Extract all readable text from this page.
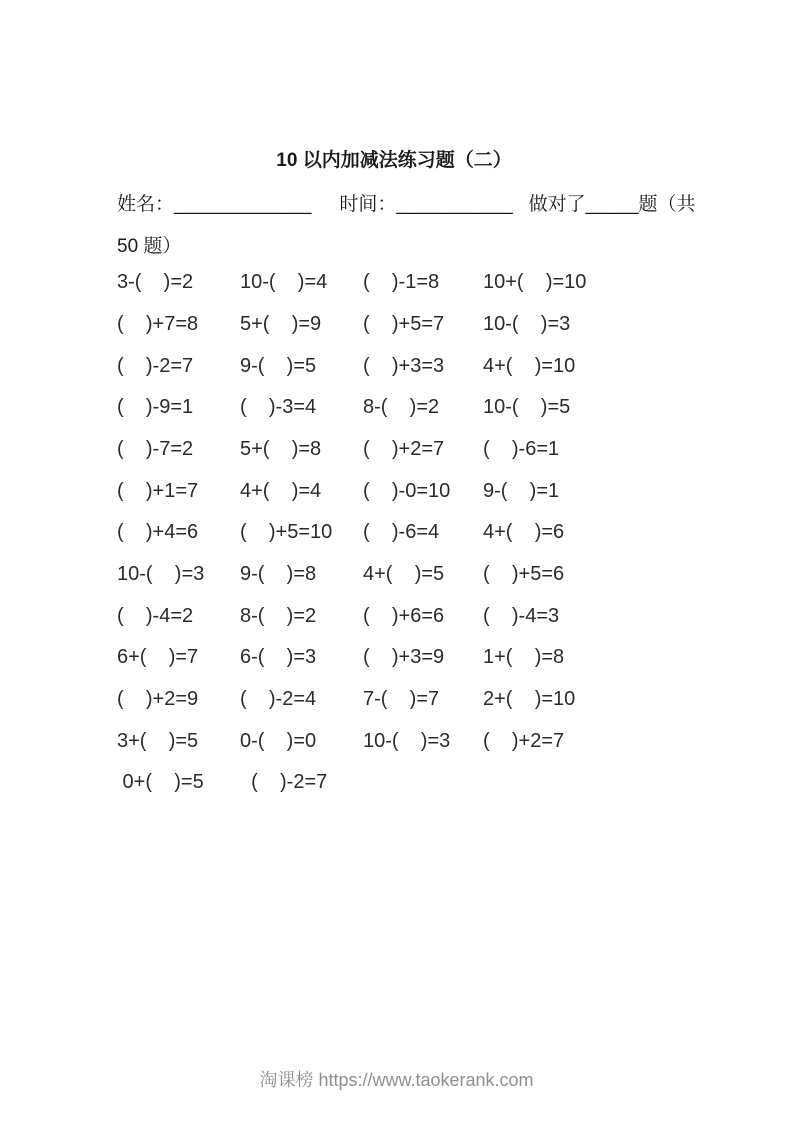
10 以内加减法练习题（二）
姓名：_____________ 时间：___________ 做对了_____题（共
50 题）
3-(    )=2	10-(    )=4	(    )-1=8	10+(    )=10
(    )+7=8	5+(    )=9	(    )+5=7	10-(    )=3
(    )-2=7	9-(    )=5	(    )+3=3	4+(    )=10
(    )-9=1	(    )-3=4	8-(    )=2	10-(    )=5
(    )-7=2	5+(    )=8	(    )+2=7	(    )-6=1
(    )+1=7	4+(    )=4	(    )-0=10	9-(    )=1
(    )+4=6	(    )+5=10	(    )-6=4	4+(    )=6
10-(    )=3	9-(    )=8	4+(    )=5	(    )+5=6
(    )-4=2	8-(    )=2	(    )+6=6	(    )-4=3
6+(    )=7	6-(    )=3	(    )+3=9	1+(    )=8
(    )+2=9	(    )-2=4	7-(    )=7	2+(    )=10
3+(    )=5	0-(    )=0	10-(    )=3	(    )+2=7
0+(    )=5	(    )-2=7
淘课榜 https://www.taokerank.com
